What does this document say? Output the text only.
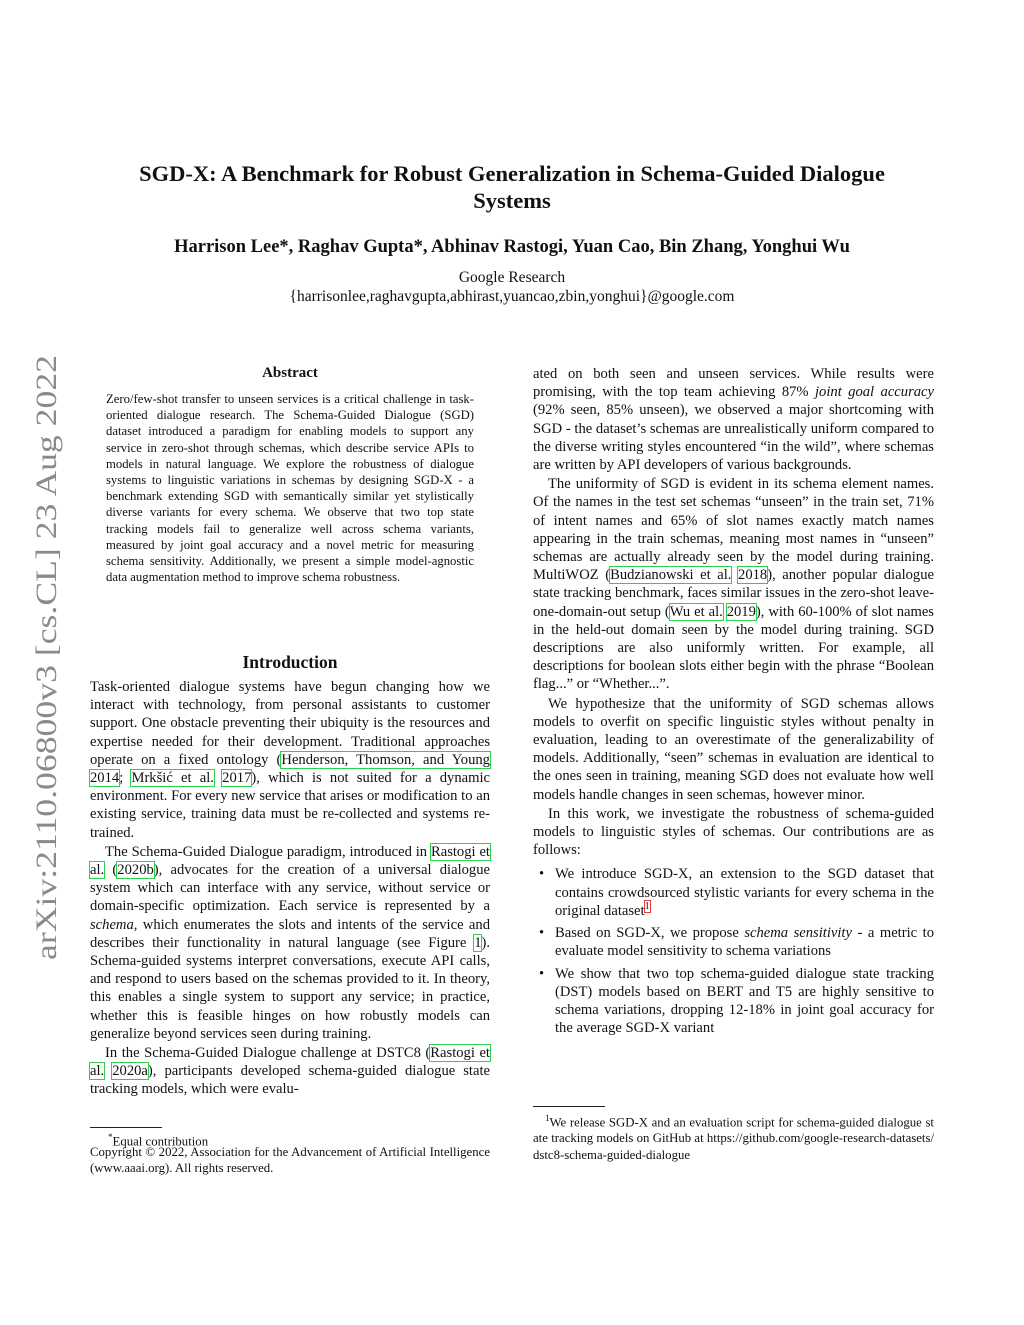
SGD-X: A Benchmark for Robust Generalization in Schema-Guided Dialogue Systems
Harrison Lee*, Raghav Gupta*, Abhinav Rastogi, Yuan Cao, Bin Zhang, Yonghui Wu
Google Research
{harrisonlee,raghavgupta,abhirast,yuancao,zbin,yonghui}@google.com
arXiv:2110.06800v3 [cs.CL] 23 Aug 2022
Abstract
Zero/few-shot transfer to unseen services is a critical challenge in task-oriented dialogue research. The Schema-Guided Dialogue (SGD) dataset introduced a paradigm for enabling models to support any service in zero-shot through schemas, which describe service APIs to models in natural language. We explore the robustness of dialogue systems to linguistic variations in schemas by designing SGD-X - a benchmark extending SGD with semantically similar yet stylistically diverse variants for every schema. We observe that two top state tracking models fail to generalize well across schema variants, measured by joint goal accuracy and a novel metric for measuring schema sensitivity. Additionally, we present a simple model-agnostic data augmentation method to improve schema robustness.
Introduction

Task-oriented dialogue systems have begun changing how we interact with technology, from personal assistants to customer support. One obstacle preventing their ubiquity is the resources and expertise needed for their development. Traditional approaches operate on a fixed ontology (Henderson, Thomson, and Young 2014; Mrkšić et al. 2017), which is not suited for a dynamic environment. For every new service that arises or modification to an existing service, training data must be re-collected and systems re-trained.

The Schema-Guided Dialogue paradigm, introduced in Rastogi et al. (2020b), advocates for the creation of a universal dialogue system which can interface with any service, without service or domain-specific optimization. Each service is represented by a schema, which enumerates the slots and intents of the service and describes their functionality in natural language (see Figure 1). Schema-guided systems interpret conversations, execute API calls, and respond to users based on the schemas provided to it. In theory, this enables a single system to support any service; in practice, whether this is feasible hinges on how robustly models can generalize beyond services seen during training.

In the Schema-Guided Dialogue challenge at DSTC8 (Rastogi et al. 2020a), participants developed schema-guided dialogue state tracking models, which were evalu-

*Equal contribution
Copyright © 2022, Association for the Advancement of Artificial Intelligence (www.aaai.org). All rights reserved.

ated on both seen and unseen services. While results were promising, with the top team achieving 87% joint goal accuracy (92% seen, 85% unseen), we observed a major shortcoming with SGD - the dataset’s schemas are unrealistically uniform compared to the diverse writing styles encountered “in the wild”, where schemas are written by API developers of various backgrounds.

The uniformity of SGD is evident in its schema element names. Of the names in the test set schemas “unseen” in the train set, 71% of intent names and 65% of slot names exactly match names appearing in the train schemas, meaning most names in “unseen” schemas are actually already seen by the model during training. MultiWOZ (Budzianowski et al. 2018), another popular dialogue state tracking benchmark, faces similar issues in the zero-shot leave-one-domain-out setup (Wu et al. 2019), with 60-100% of slot names in the held-out domain seen by the model during training. SGD descriptions are also uniformly written. For example, all descriptions for boolean slots either begin with the phrase “Boolean flag...” or “Whether...”.

We hypothesize that the uniformity of SGD schemas allows models to overfit on specific linguistic styles without penalty in evaluation, leading to an overestimate of the generalizability of models. Additionally, “seen” schemas in evaluation are identical to the ones seen in training, meaning SGD does not evaluate how well models handle changes in seen schemas, however minor.

In this work, we investigate the robustness of schema-guided models to linguistic styles of schemas. Our contributions are as follows:

• We introduce SGD-X, an extension to the SGD dataset that contains crowdsourced stylistic variants for every schema in the original dataset$^1$
• Based on SGD-X, we propose schema sensitivity - a metric to evaluate model sensitivity to schema variations
• We show that two top schema-guided dialogue state tracking (DST) models based on BERT and T5 are highly sensitive to schema variations, dropping 12-18% in joint goal accuracy for the average SGD-X variant
$^1$We release SGD-X and an evaluation script for schema-guided dialogue state tracking models on GitHub at https://github.com/google-research-datasets/dstc8-schema-guided-dialogue
